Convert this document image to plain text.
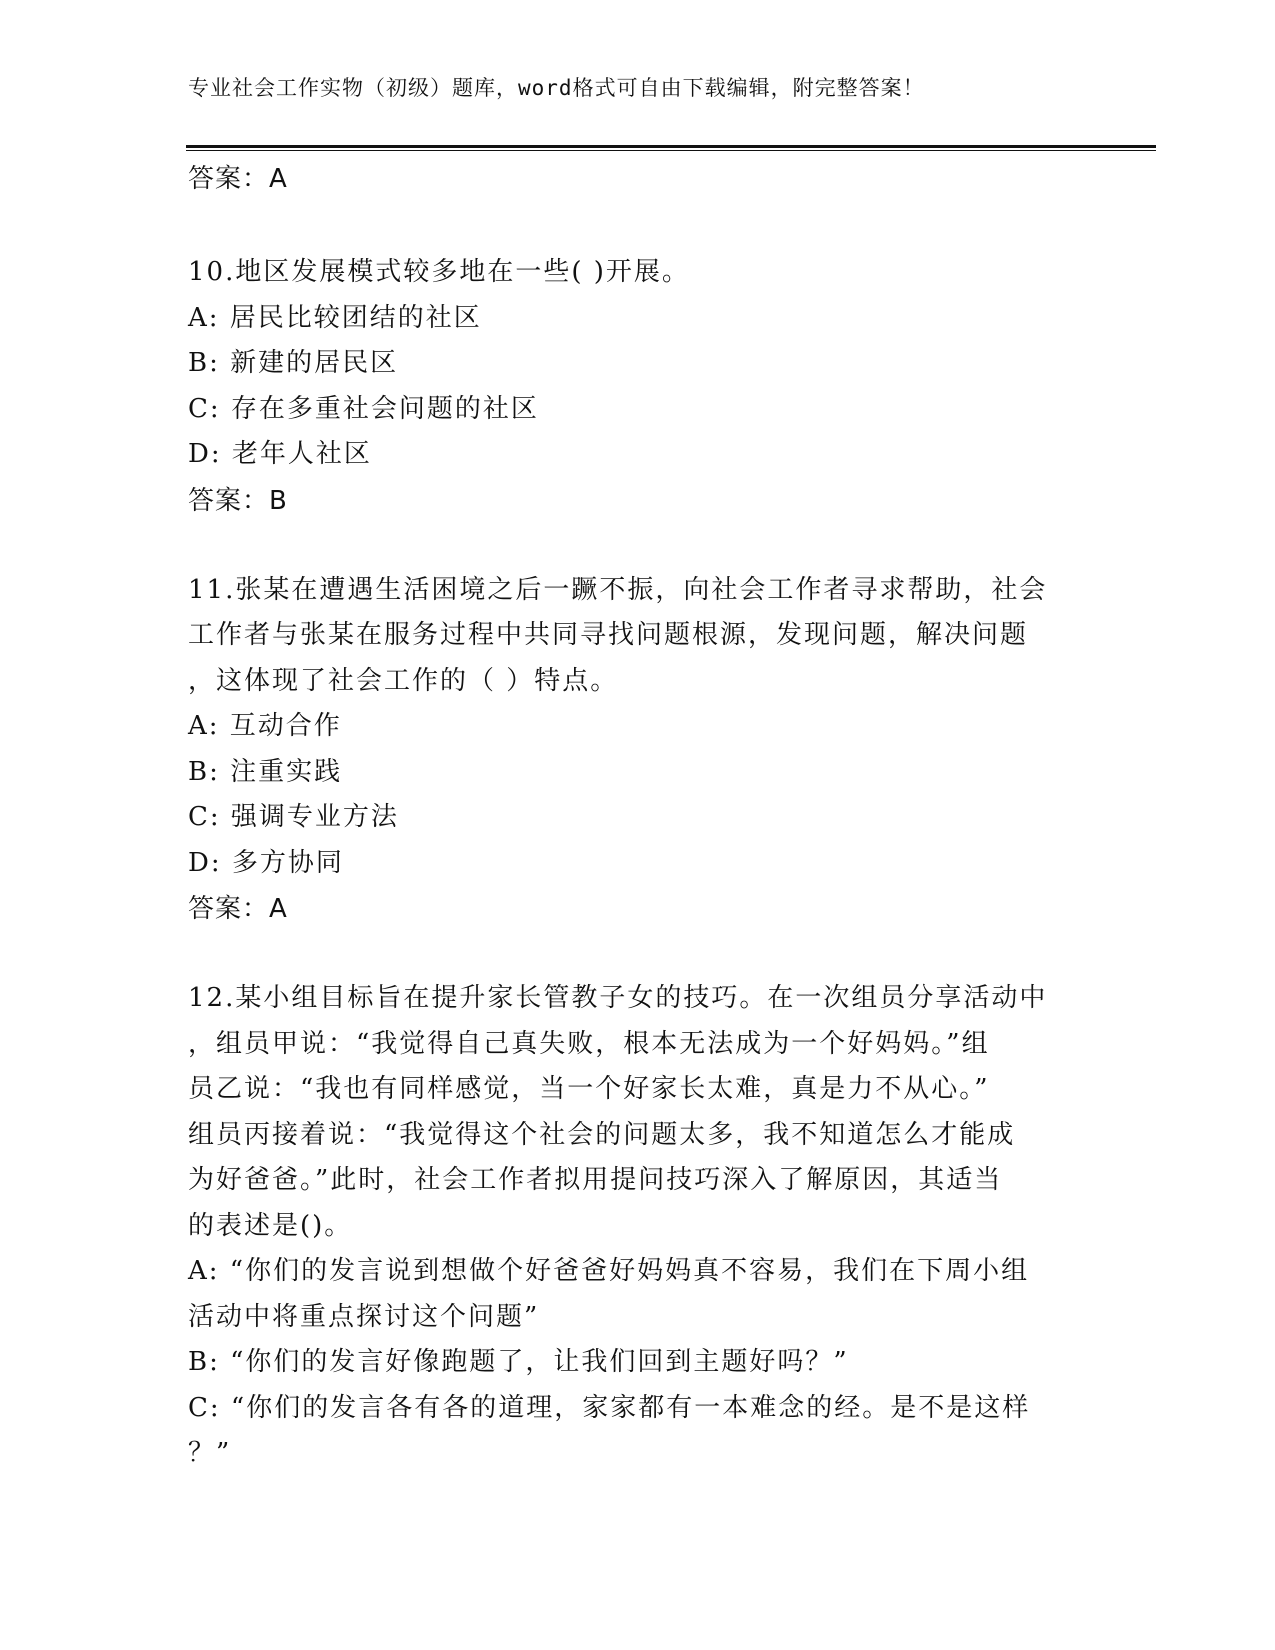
专业社会工作实物（初级）题库，word格式可自由下载编辑，附完整答案！
答案：A
10.地区发展模式较多地在一些( )开展。
A: 居民比较团结的社区
B: 新建的居民区
C: 存在多重社会问题的社区
D: 老年人社区
答案：B
11.张某在遭遇生活困境之后一蹶不振，向社会工作者寻求帮助，社会
工作者与张某在服务过程中共同寻找问题根源，发现问题，解决问题
，这体现了社会工作的（ ）特点。
A: 互动合作
B: 注重实践
C: 强调专业方法
D: 多方协同
答案：A
12.某小组目标旨在提升家长管教子女的技巧。在一次组员分享活动中
，组员甲说：“我觉得自己真失败，根本无法成为一个好妈妈。”组
员乙说：“我也有同样感觉，当一个好家长太难，真是力不从心。”
组员丙接着说：“我觉得这个社会的问题太多，我不知道怎么才能成
为好爸爸。”此时，社会工作者拟用提问技巧深入了解原因，其适当
的表述是()。
A: “你们的发言说到想做个好爸爸好妈妈真不容易，我们在下周小组
活动中将重点探讨这个问题”
B: “你们的发言好像跑题了，让我们回到主题好吗？”
C: “你们的发言各有各的道理，家家都有一本难念的经。是不是这样
？”
